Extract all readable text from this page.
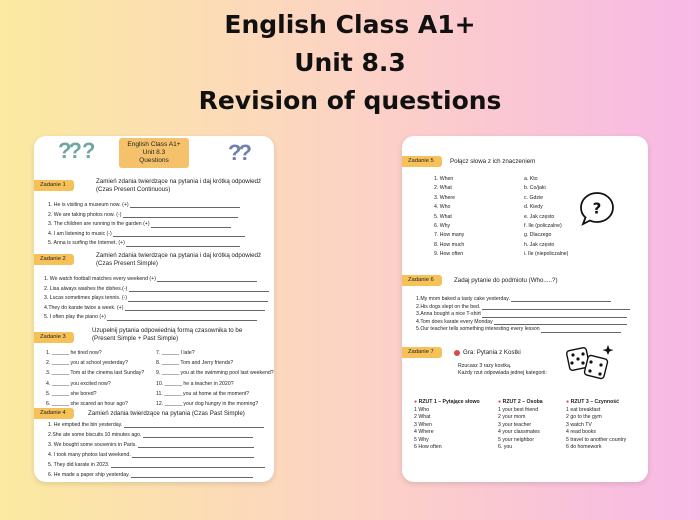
English Class A1+
Unit 8.3
Revision of questions
English Class A1+
Unit 8.3
Questions
?? ?	??
Zadanie 1	Zamień zdania twierdzące na pytania i daj krótką odpowiedź
(Czas Present Continuous)
1. He is visiting a museum now. (+)
2. We are taking photos now. (-)
3. The children are running in the garden (+)
4. I am listening to music (-)
5. Anna is surfing the Internet. (+)
Zadanie 2	Zamień zdania twierdzące na pytania i daj krótką odpowiedź
(Czas Present Simple)
1. We watch football matches every weekend (+)
2. Lisa always washes the dishes.(-)
3. Lucas sometimes plays tennis. (-)
4.They do karate twice a week. (+)
5. I often play the piano (+)
Zadanie 3
Uzupełnij pytania odpowiednią formą czasownika to be
(Present Simple + Past Simple)
1. ______ he tired now?
2. ______ you at school yesterday?
3. ______ Tom at the cinema last Sunday?
4. ______ you excited now?
5. ______ she bored?
6. ______ she scared an hour ago?
7. ______ I late?
8. ______ Tom and Jerry friends?
9. ______ you at the swimming pool last weekend?
10. ______ he a teacher in 2020?
11. ______ you at home at the moment?
12. ______ your dog hungry in the morning?
Zadanie 4	Zamień zdania twierdzące na pytania (Czas Past Simple)
1. He emptied the bin yesterday.
2.She ate some biscuits 10 minutes ago.
3. We bought some souvenirs in Paris.
4. I took many photos last weekend.
5. They did karate in 2023.
6. He made a paper ship yesterday.
Zadanie 5	Połącz słowa z ich znaczeniem
1. When
2. What
3. Where
4. Who
5. What
6. Why
7. How many
8. How much
9. How often
a. Kto
b. Co/jaki
c. Gdzie
d. Kiedy
e. Jak często
f. Ile (policzalne)
g. Dlaczego
h. Jak często
i. Ile (niepoliczalne)
?
Zadanie 6	Zadaj pytanie do podmiotu (Who.....?)
1.My mom baked a tasty cake yesterday.
2.His dogs slept on the bed.
3.Anna bought a nice T-shirt
4.Tom does karate every Monday
5.Our teacher tells something interesting every lesson
Zadanie 7	Gra: Pytania z Kostki
Rzucasz 3 razy kostką.
Każdy rzut odpowiada jednej kategorii:
● RZUT 1 – Pytające słowo
1 Who
2 What
3 When
4 Where
5 Why
6 How often
● RZUT 2 – Osoba
1 your best friend
2 your mom
3 your teacher
4 your classmates
5 your neighbor
6. you
● RZUT 3 – Czynność
1 eat breakfast
2 go to the gym
3 watch TV
4 read books
5 travel to another country
6 do homework
